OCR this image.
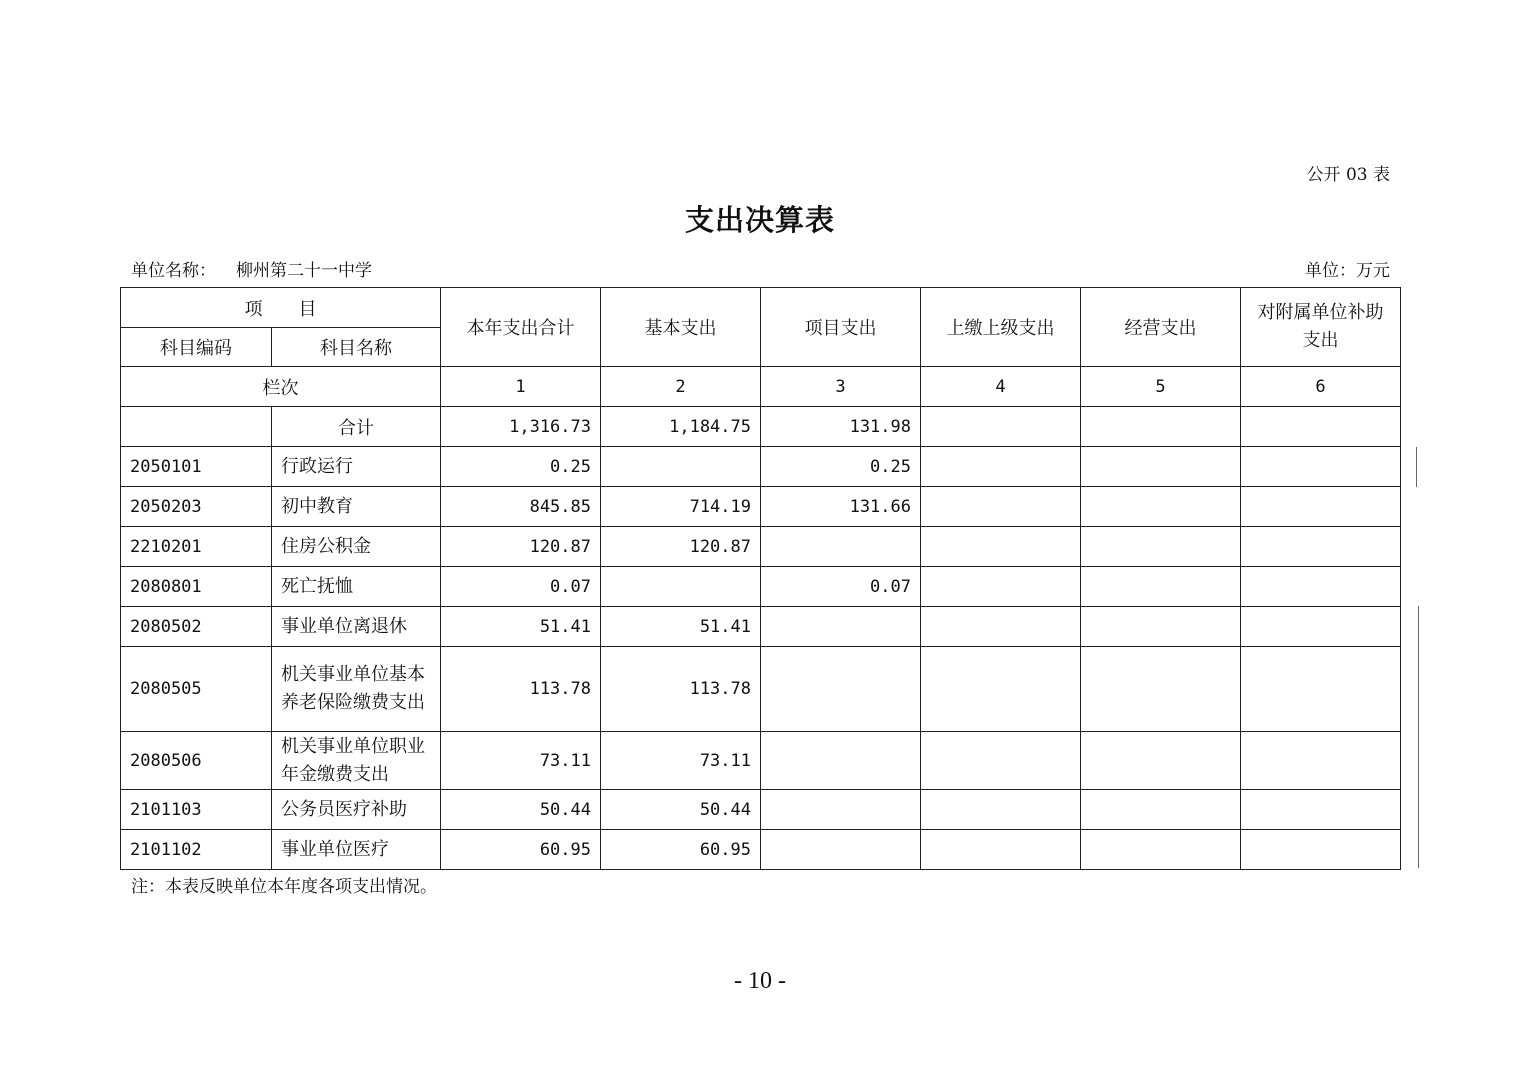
公开 03 表
支出决算表
单位名称： 柳州第二十一中学	单位：万元
项　　目		本年支出合计	基本支出	项目支出	上缴上级支出	经营支出	对附属单位补助支出
科目编码	科目名称						
栏次		1	2	3	4	5	6
	合计	1,316.73	1,184.75	131.98			
2050101	行政运行	0.25		0.25			
2050203	初中教育	845.85	714.19	131.66			
2210201	住房公积金	120.87	120.87				
2080801	死亡抚恤	0.07		0.07			
2080502	事业单位离退休	51.41	51.41				
2080505	机关事业单位基本养老保险缴费支出	113.78	113.78				
2080506	机关事业单位职业年金缴费支出	73.11	73.11				
2101103	公务员医疗补助	50.44	50.44				
2101102	事业单位医疗	60.95	60.95				
注：本表反映单位本年度各项支出情况。
- 10 -
